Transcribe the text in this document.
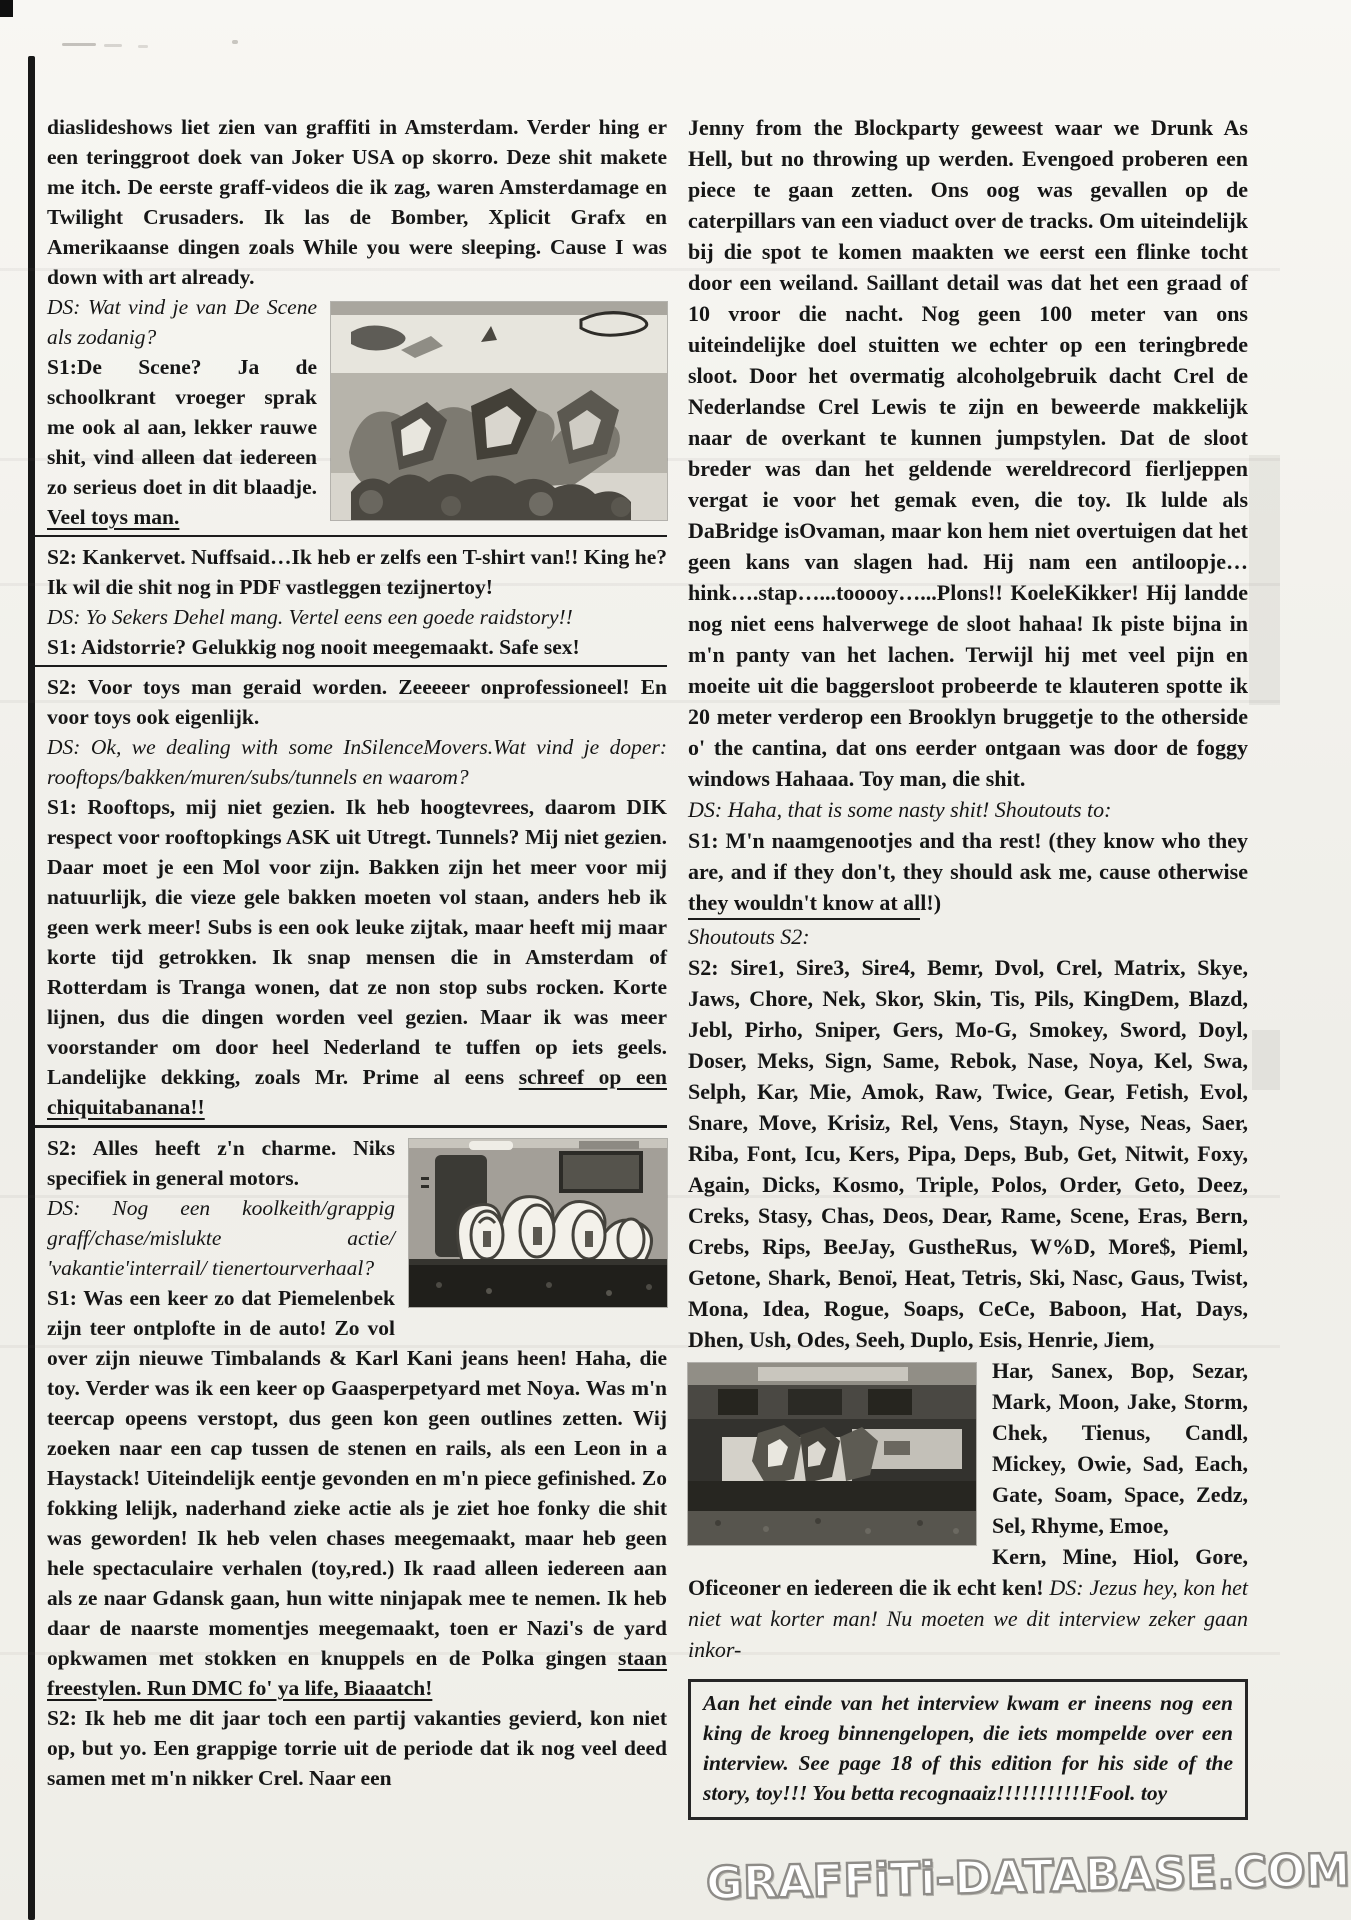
diaslideshows liet zien van graffiti in Amsterdam. Verder hing er een teringgroot doek van Joker USA op skorro. Deze shit makete me itch. De eerste graff-videos die ik zag, waren Amsterdamage en Twilight Crusaders. Ik las de Bomber, Xplicit Grafx en Amerikaanse dingen zoals While you were sleeping. Cause I was down with art already.

DS: Wat vind je van De Scene als zodanig?

S1:De Scene? Ja de schoolkrant vroeger sprak me ook al aan, lekker rauwe shit, vind alleen dat iedereen zo serieus doet in dit blaadje. Veel toys man.

S2: Kankervet. Nuffsaid…Ik heb er zelfs een T-shirt van!! King he? Ik wil die shit nog in PDF vastleggen tezijnertoy!

DS: Yo Sekers Dehel mang. Vertel eens een goede raidstory!!

S1: Aidstorrie? Gelukkig nog nooit meegemaakt. Safe sex!

S2: Voor toys man geraid worden. Zeeeeer onprofessioneel! En voor toys ook eigenlijk.

DS: Ok, we dealing with some InSilenceMovers.Wat vind je doper: rooftops/bakken/muren/subs/tunnels en waarom?

S1: Rooftops, mij niet gezien. Ik heb hoogtevrees, daarom DIK respect voor rooftopkings ASK uit Utregt. Tunnels? Mij niet gezien. Daar moet je een Mol voor zijn. Bakken zijn het meer voor mij natuurlijk, die vieze gele bakken moeten vol staan, anders heb ik geen werk meer! Subs is een ook leuke zijtak, maar heeft mij maar korte tijd getrokken. Ik snap mensen die in Amsterdam of Rotterdam is Tranga wonen, dat ze non stop subs rocken. Korte lijnen, dus die dingen worden veel gezien. Maar ik was meer voorstander om door heel Nederland te tuffen op iets geels. Landelijke dekking, zoals Mr. Prime al eens schreef op een chiquitabanana!!

S2: Alles heeft z'n charme. Niks specifiek in general motors.

DS: Nog een koolkeith/grappig graff/chase/mislukte actie/ 'vakantie'interrail/ tienertourverhaal?

S1: Was een keer zo dat Piemelenbek zijn teer ontplofte in de auto! Zo vol over zijn nieuwe Timbalands & Karl Kani jeans heen! Haha, die toy. Verder was ik een keer op Gaasperpetyard met Noya. Was m'n teercap opeens verstopt, dus geen kon geen outlines zetten. Wij zoeken naar een cap tussen de stenen en rails, als een Leon in a Haystack! Uiteindelijk eentje gevonden en m'n piece gefinished. Zo fokking lelijk, naderhand zieke actie als je ziet hoe fonky die shit was geworden! Ik heb velen chases meegemaakt, maar heb geen hele spectaculaire verhalen (toy,red.) Ik raad alleen iedereen aan als ze naar Gdansk gaan, hun witte ninjapak mee te nemen. Ik heb daar de naarste momentjes meegemaakt, toen er Nazi's de yard opkwamen met stokken en knuppels en de Polka gingen staan freestylen. Run DMC fo' ya life, Biaaatch!

S2: Ik heb me dit jaar toch een partij vakanties gevierd, kon niet op, but yo. Een grappige torrie uit de periode dat ik nog veel deed samen met m'n nikker Crel. Naar een

Jenny from the Blockparty geweest waar we Drunk As Hell, but no throwing up werden. Evengoed proberen een piece te gaan zetten. Ons oog was gevallen op de caterpillars van een viaduct over de tracks. Om uiteindelijk bij die spot te komen maakten we eerst een flinke tocht door een weiland. Saillant detail was dat het een graad of 10 vroor die nacht. Nog geen 100 meter van ons uiteindelijke doel stuitten we echter op een teringbrede sloot. Door het overmatig alcoholgebruik dacht Crel de Nederlandse Crel Lewis te zijn en beweerde makkelijk naar de overkant te kunnen jumpstylen. Dat de sloot breder was dan het geldende wereldrecord fierljeppen vergat ie voor het gemak even, die toy. Ik lulde als DaBridge isOvaman, maar kon hem niet overtuigen dat het geen kans van slagen had. Hij nam een antiloopje… hink….stap…...tooooy…...Plons!! KoeleKikker! Hij landde nog niet eens halverwege de sloot hahaa! Ik piste bijna in m'n panty van het lachen. Terwijl hij met veel pijn en moeite uit die baggersloot probeerde te klauteren spotte ik 20 meter verderop een Brooklyn bruggetje to the otherside o' the cantina, dat ons eerder ontgaan was door de foggy windows Hahaaa. Toy man, die shit.

DS: Haha, that is some nasty shit! Shoutouts to:

S1: M'n naamgenootjes and tha rest! (they know who they are, and if they don't, they should ask me, cause otherwise they wouldn't know at all!)

Shoutouts S2:

S2: Sire1, Sire3, Sire4, Bemr, Dvol, Crel, Matrix, Skye, Jaws, Chore, Nek, Skor, Skin, Tis, Pils, KingDem, Blazd, Jebl, Pirho, Sniper, Gers, Mo-G, Smokey, Sword, Doyl, Doser, Meks, Sign, Same, Rebok, Nase, Noya, Kel, Swa, Selph, Kar, Mie, Amok, Raw, Twice, Gear, Fetish, Evol, Snare, Move, Krisiz, Rel, Vens, Stayn, Nyse, Neas, Saer, Riba, Font, Icu, Kers, Pipa, Deps, Bub, Get, Nitwit, Foxy, Again, Dicks, Kosmo, Triple, Polos, Order, Geto, Deez, Creks, Stasy, Chas, Deos, Dear, Rame, Scene, Eras, Bern, Crebs, Rips, BeeJay, GustheRus, W%D, More$, Pieml, Getone, Shark, Benoï, Heat, Tetris, Ski, Nasc, Gaus, Twist, Mona, Idea, Rogue, Soaps, CeCe, Baboon, Hat, Days, Dhen, Ush, Odes, Seeh, Duplo, Esis, Henrie, Jiem,

Har, Sanex, Bop, Sezar, Mark, Moon, Jake, Storm, Chek, Tienus, Candl, Mickey, Owie, Sad, Each, Gate, Soam, Space, Zedz, Sel, Rhyme, Emoe,

Kern, Mine, Hiol, Gore, Oficeoner en iedereen die ik echt ken! DS: Jezus hey, kon het niet wat korter man! Nu moeten we dit interview zeker gaan inkor-

Aan het einde van het interview kwam er ineens nog een king de kroeg binnengelopen, die iets mompelde over een interview. See page 18 of this edition for his side of the story, toy!!! You betta recognaaiz!!!!!!!!!!!Fool. toy
GRAFFiTi-DATABASE.COM
